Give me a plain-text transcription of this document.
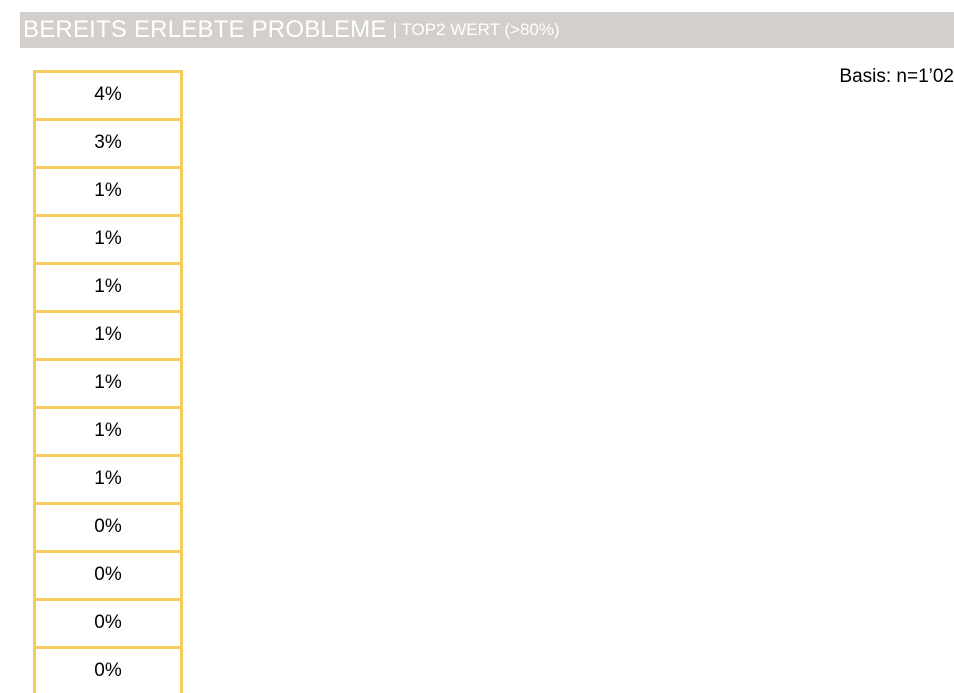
BEREITS ERLEBTE PROBLEME | TOP2 WERT (>80%)
Basis: n=1’02
4%
3%
1%
1%
1%
1%
1%
1%
1%
0%
0%
0%
0%
